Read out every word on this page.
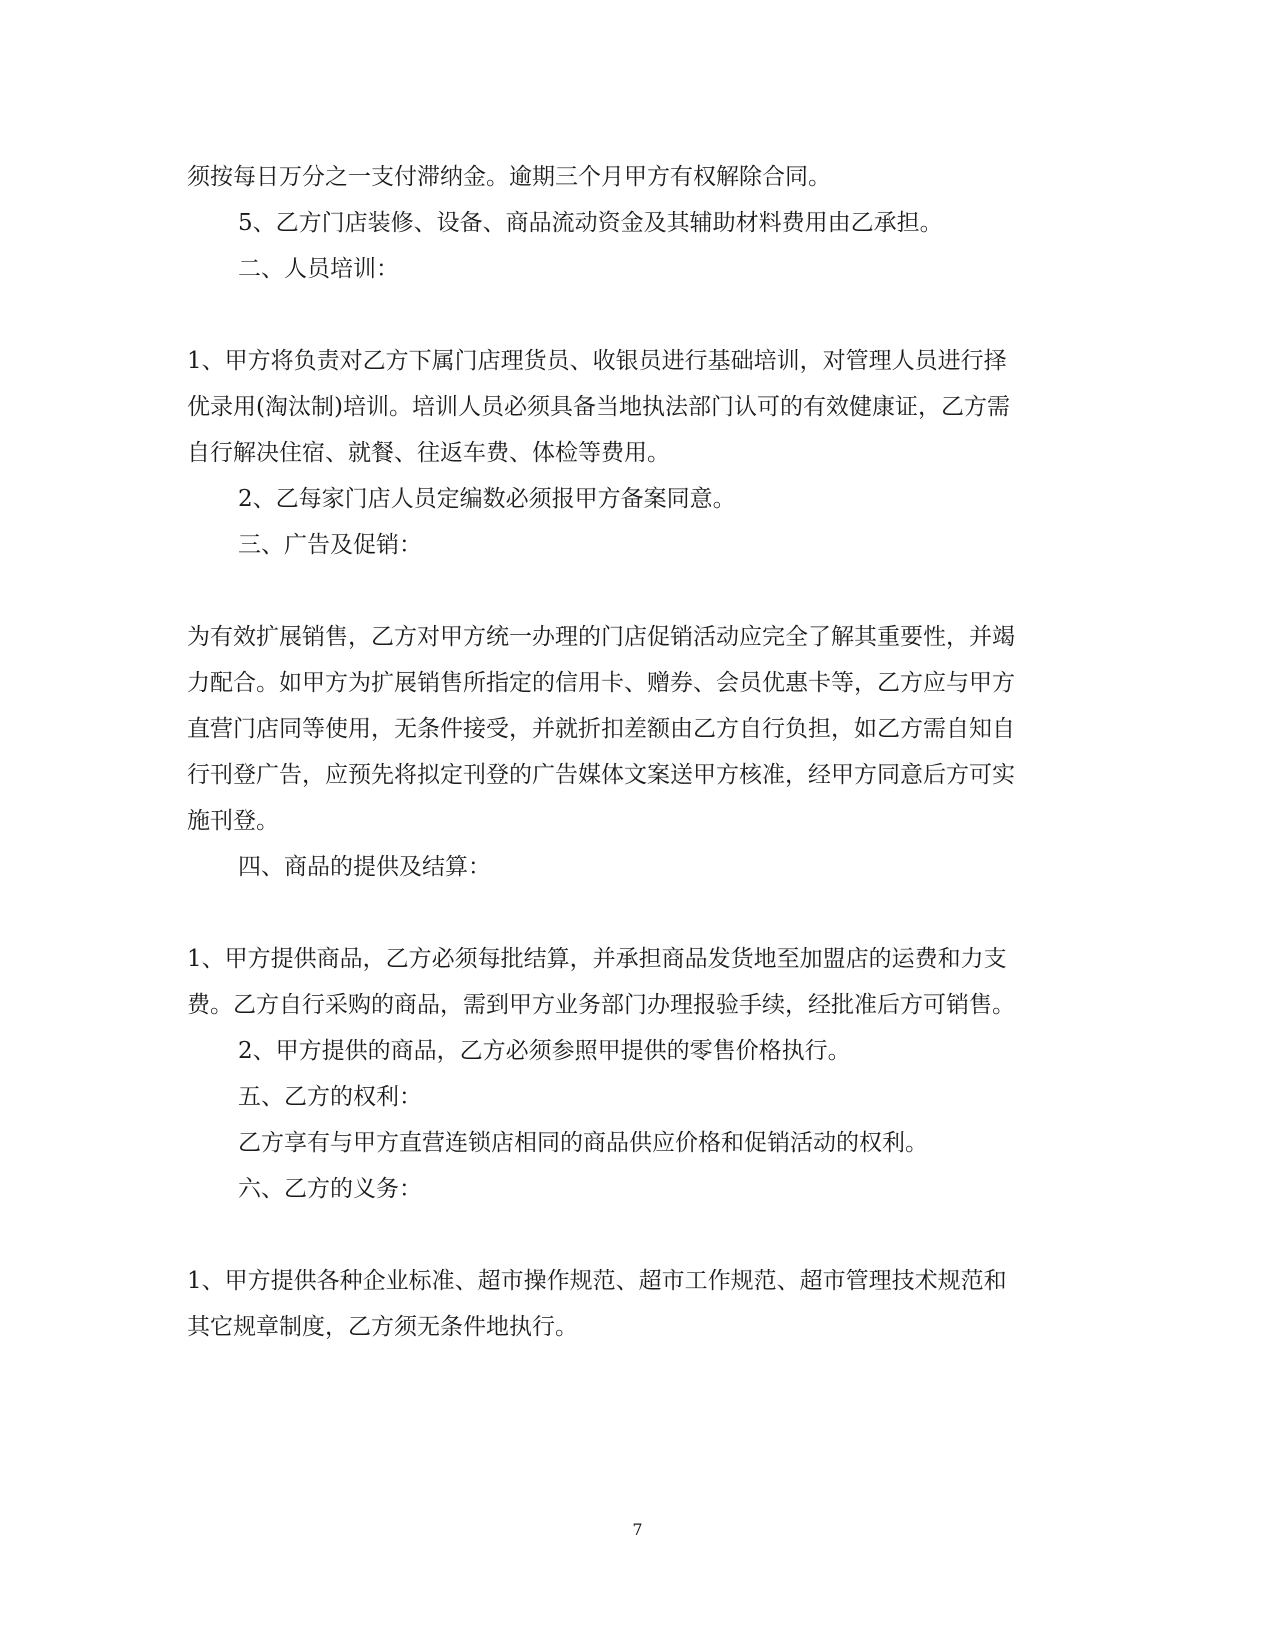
须按每日万分之一支付滞纳金。逾期三个月甲方有权解除合同。
5、乙方门店装修、设备、商品流动资金及其辅助材料费用由乙承担。
二、人员培训：
1、甲方将负责对乙方下属门店理货员、收银员进行基础培训，对管理人员进行择
优录用(淘汰制)培训。培训人员必须具备当地执法部门认可的有效健康证，乙方需
自行解决住宿、就餐、往返车费、体检等费用。
2、乙每家门店人员定编数必须报甲方备案同意。
三、广告及促销：
为有效扩展销售，乙方对甲方统一办理的门店促销活动应完全了解其重要性，并竭
力配合。如甲方为扩展销售所指定的信用卡、赠券、会员优惠卡等，乙方应与甲方
直营门店同等使用，无条件接受，并就折扣差额由乙方自行负担，如乙方需自知自
行刊登广告，应预先将拟定刊登的广告媒体文案送甲方核准，经甲方同意后方可实
施刊登。
四、商品的提供及结算：
1、甲方提供商品，乙方必须每批结算，并承担商品发货地至加盟店的运费和力支
费。乙方自行采购的商品，需到甲方业务部门办理报验手续，经批准后方可销售。
2、甲方提供的商品，乙方必须参照甲提供的零售价格执行。
五、乙方的权利：
乙方享有与甲方直营连锁店相同的商品供应价格和促销活动的权利。
六、乙方的义务：
1、甲方提供各种企业标准、超市操作规范、超市工作规范、超市管理技术规范和
其它规章制度，乙方须无条件地执行。
7
